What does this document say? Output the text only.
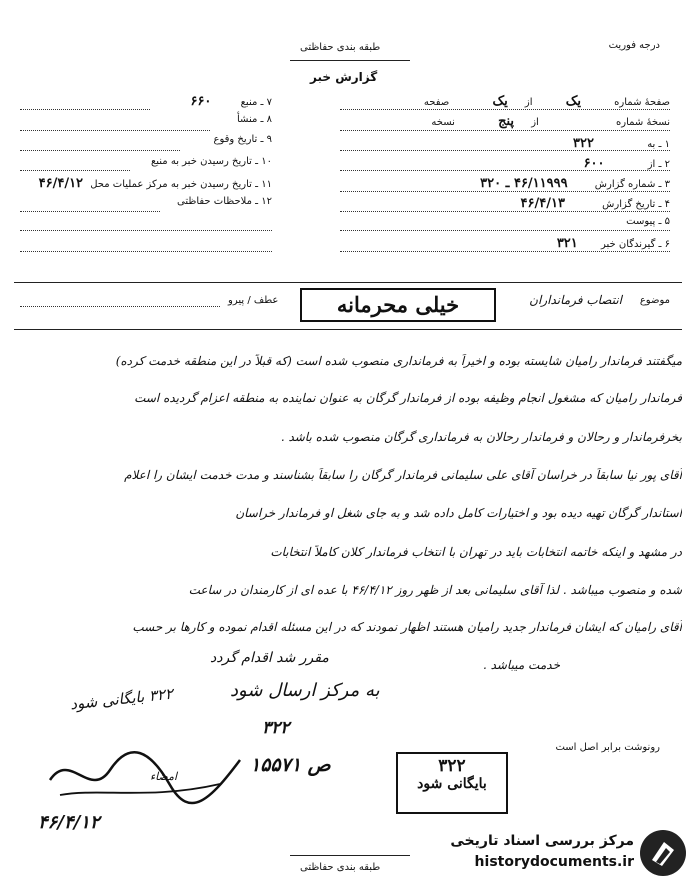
درجه فوریت
طبقه بندی حفاظتی
گزارش خبر
صفحهٔ شماره یک از یک صفحه
نسخهٔ شماره از پنج نسخه
۱ ـ به ۳۲۲
۲ ـ از ۶۰۰
۳ ـ شماره گزارش ۴۶/۱۱۹۹۹ ـ ۳۲۰
۴ ـ تاریخ گزارش ۴۶/۴/۱۳
۵ ـ پیوست
۶ ـ گیرندگان خبر ۳۲۱
۷ ـ منبع ۶۶۰
۸ ـ منشأ
۹ ـ تاریخ وقوع
۱۰ ـ تاریخ رسیدن خبر به منبع
۱۱ ـ تاریخ رسیدن خبر به مرکز عملیات محل ۴۶/۴/۱۲
۱۲ ـ ملاحظات حفاظتی
موضوع
انتصاب فرمانداران
خیلی محرمانه
عطف / پیرو
میگفتند فرماندار رامیان شایسته بوده و اخیراً به فرمانداری منصوب شده است (که قبلاً در این منطقه خدمت کرده)
فرماندار رامیان که مشغول انجام وظیفه بوده از فرماندار گرگان به عنوان نماینده به منطقه اعزام گردیده است
بخرفرماندار و رحالان و فرماندار رحالان به فرمانداری گرگان منصوب شده باشد .
آقای پور نیا سابقاً در خراسان آقای علی سلیمانی فرماندار گرگان را سابقاً بشناسند و مدت خدمت ایشان را اعلام
استاندار گرگان تهیه دیده بود و اختیارات کامل داده شد و به جای شغل او فرماندار خراسان
در مشهد و اینکه خاتمه انتخابات باید در تهران با انتخاب فرماندار کلان کاملاً انتخابات
شده و منصوب میباشد . لذا آقای سلیمانی بعد از ظهر روز ۴۶/۴/۱۲ با عده ای از کارمندان در ساعت
آقای رامیان که ایشان فرماندار جدید رامیان هستند اظهار نمودند که در این مسئله اقدام نموده و کارها بر حسب
خدمت میباشد .
مقرر شد اقدام گردد
به مرکز ارسال شود
۳۲۲ بایگانی شود
۳۲۲
رونوشت برابر اصل است
ص ۱۵۵۷۱
امضاء
۴۶/۴/۱۲
۳۲۲
بایگانی شود
طبقه بندی حفاظتی
مرکز بررسی اسناد تاریخی
historydocuments.ir
